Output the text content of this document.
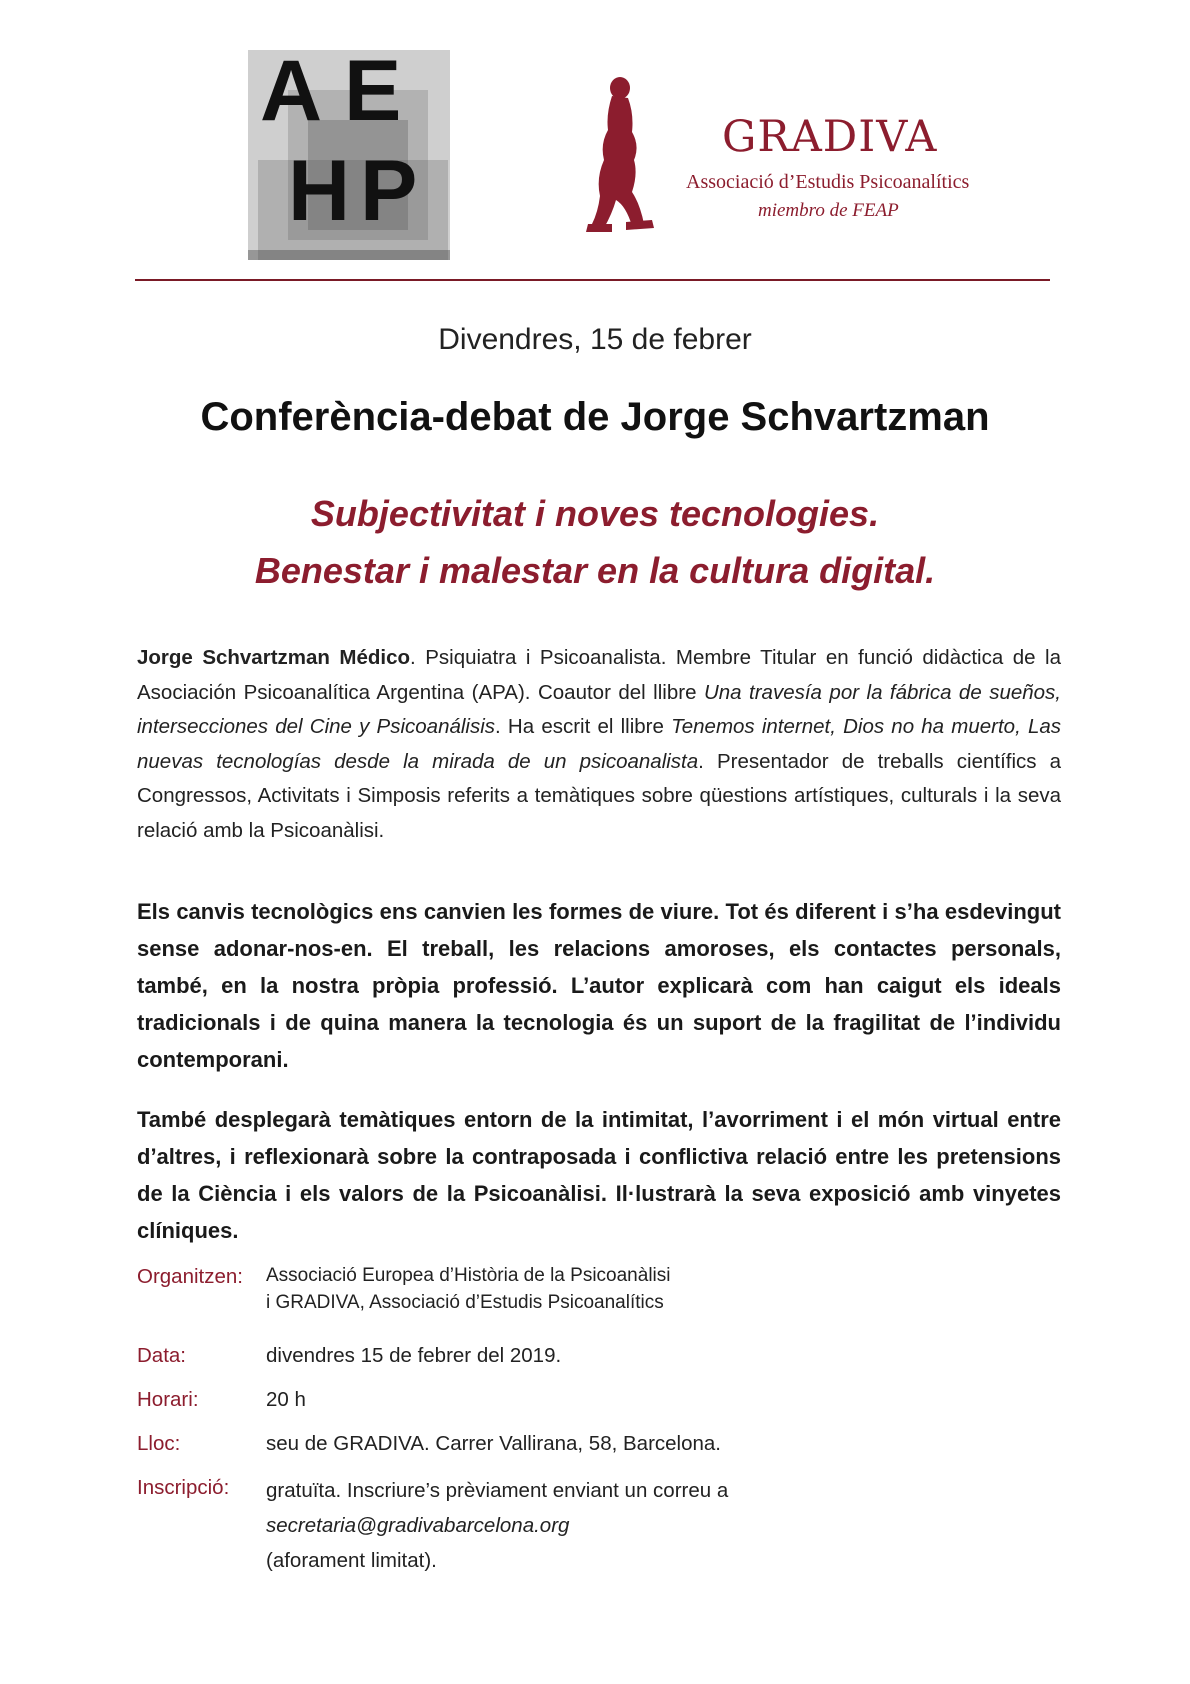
A E
H P
GRADIVA
Associació d’Estudis Psicoanalítics
miembro de FEAP
Divendres, 15 de febrer
Conferència-debat de Jorge Schvartzman
Subjectivitat i noves tecnologies.
Benestar i malestar en la cultura digital.
Jorge Schvartzman Médico. Psiquiatra i Psicoanalista. Membre Titular en funció didàctica de la Asociación Psicoanalítica Argentina (APA). Coautor del llibre Una travesía por la fábrica de sueños, intersecciones del Cine y Psicoanálisis. Ha escrit el llibre Tenemos internet, Dios no ha muerto, Las nuevas tecnologías desde la mirada de un psicoanalista. Presentador de treballs científics a Congressos, Activitats i Simposis referits a temàtiques sobre qüestions artístiques, culturals i la seva relació amb la Psicoanàlisi.
Els canvis tecnològics ens canvien les formes de viure. Tot és diferent i s’ha esdevingut sense adonar-nos-en. El treball, les relacions amoroses, els contactes personals, també, en la nostra pròpia professió. L’autor explicarà com han caigut els ideals tradicionals i de quina manera la tecnologia és un suport de la fragilitat de l’individu contemporani.
També desplegarà temàtiques entorn de la intimitat, l’avorriment i el món virtual entre d’altres, i reflexionarà sobre la contraposada i conflictiva relació entre les pretensions de la Ciència i els valors de la Psicoanàlisi. Il·lustrarà la seva exposició amb vinyetes clíniques.
Organitzen: Associació Europea d’Història de la Psicoanàlisi
i GRADIVA, Associació d’Estudis Psicoanalítics
Data:	divendres 15 de febrer del 2019.
Horari:	20 h
Lloc:	seu de GRADIVA. Carrer Vallirana, 58, Barcelona.
Inscripció: gratuïta. Inscriure’s prèviament enviant un correu a
secretaria@gradivabarcelona.org
(aforament limitat).
